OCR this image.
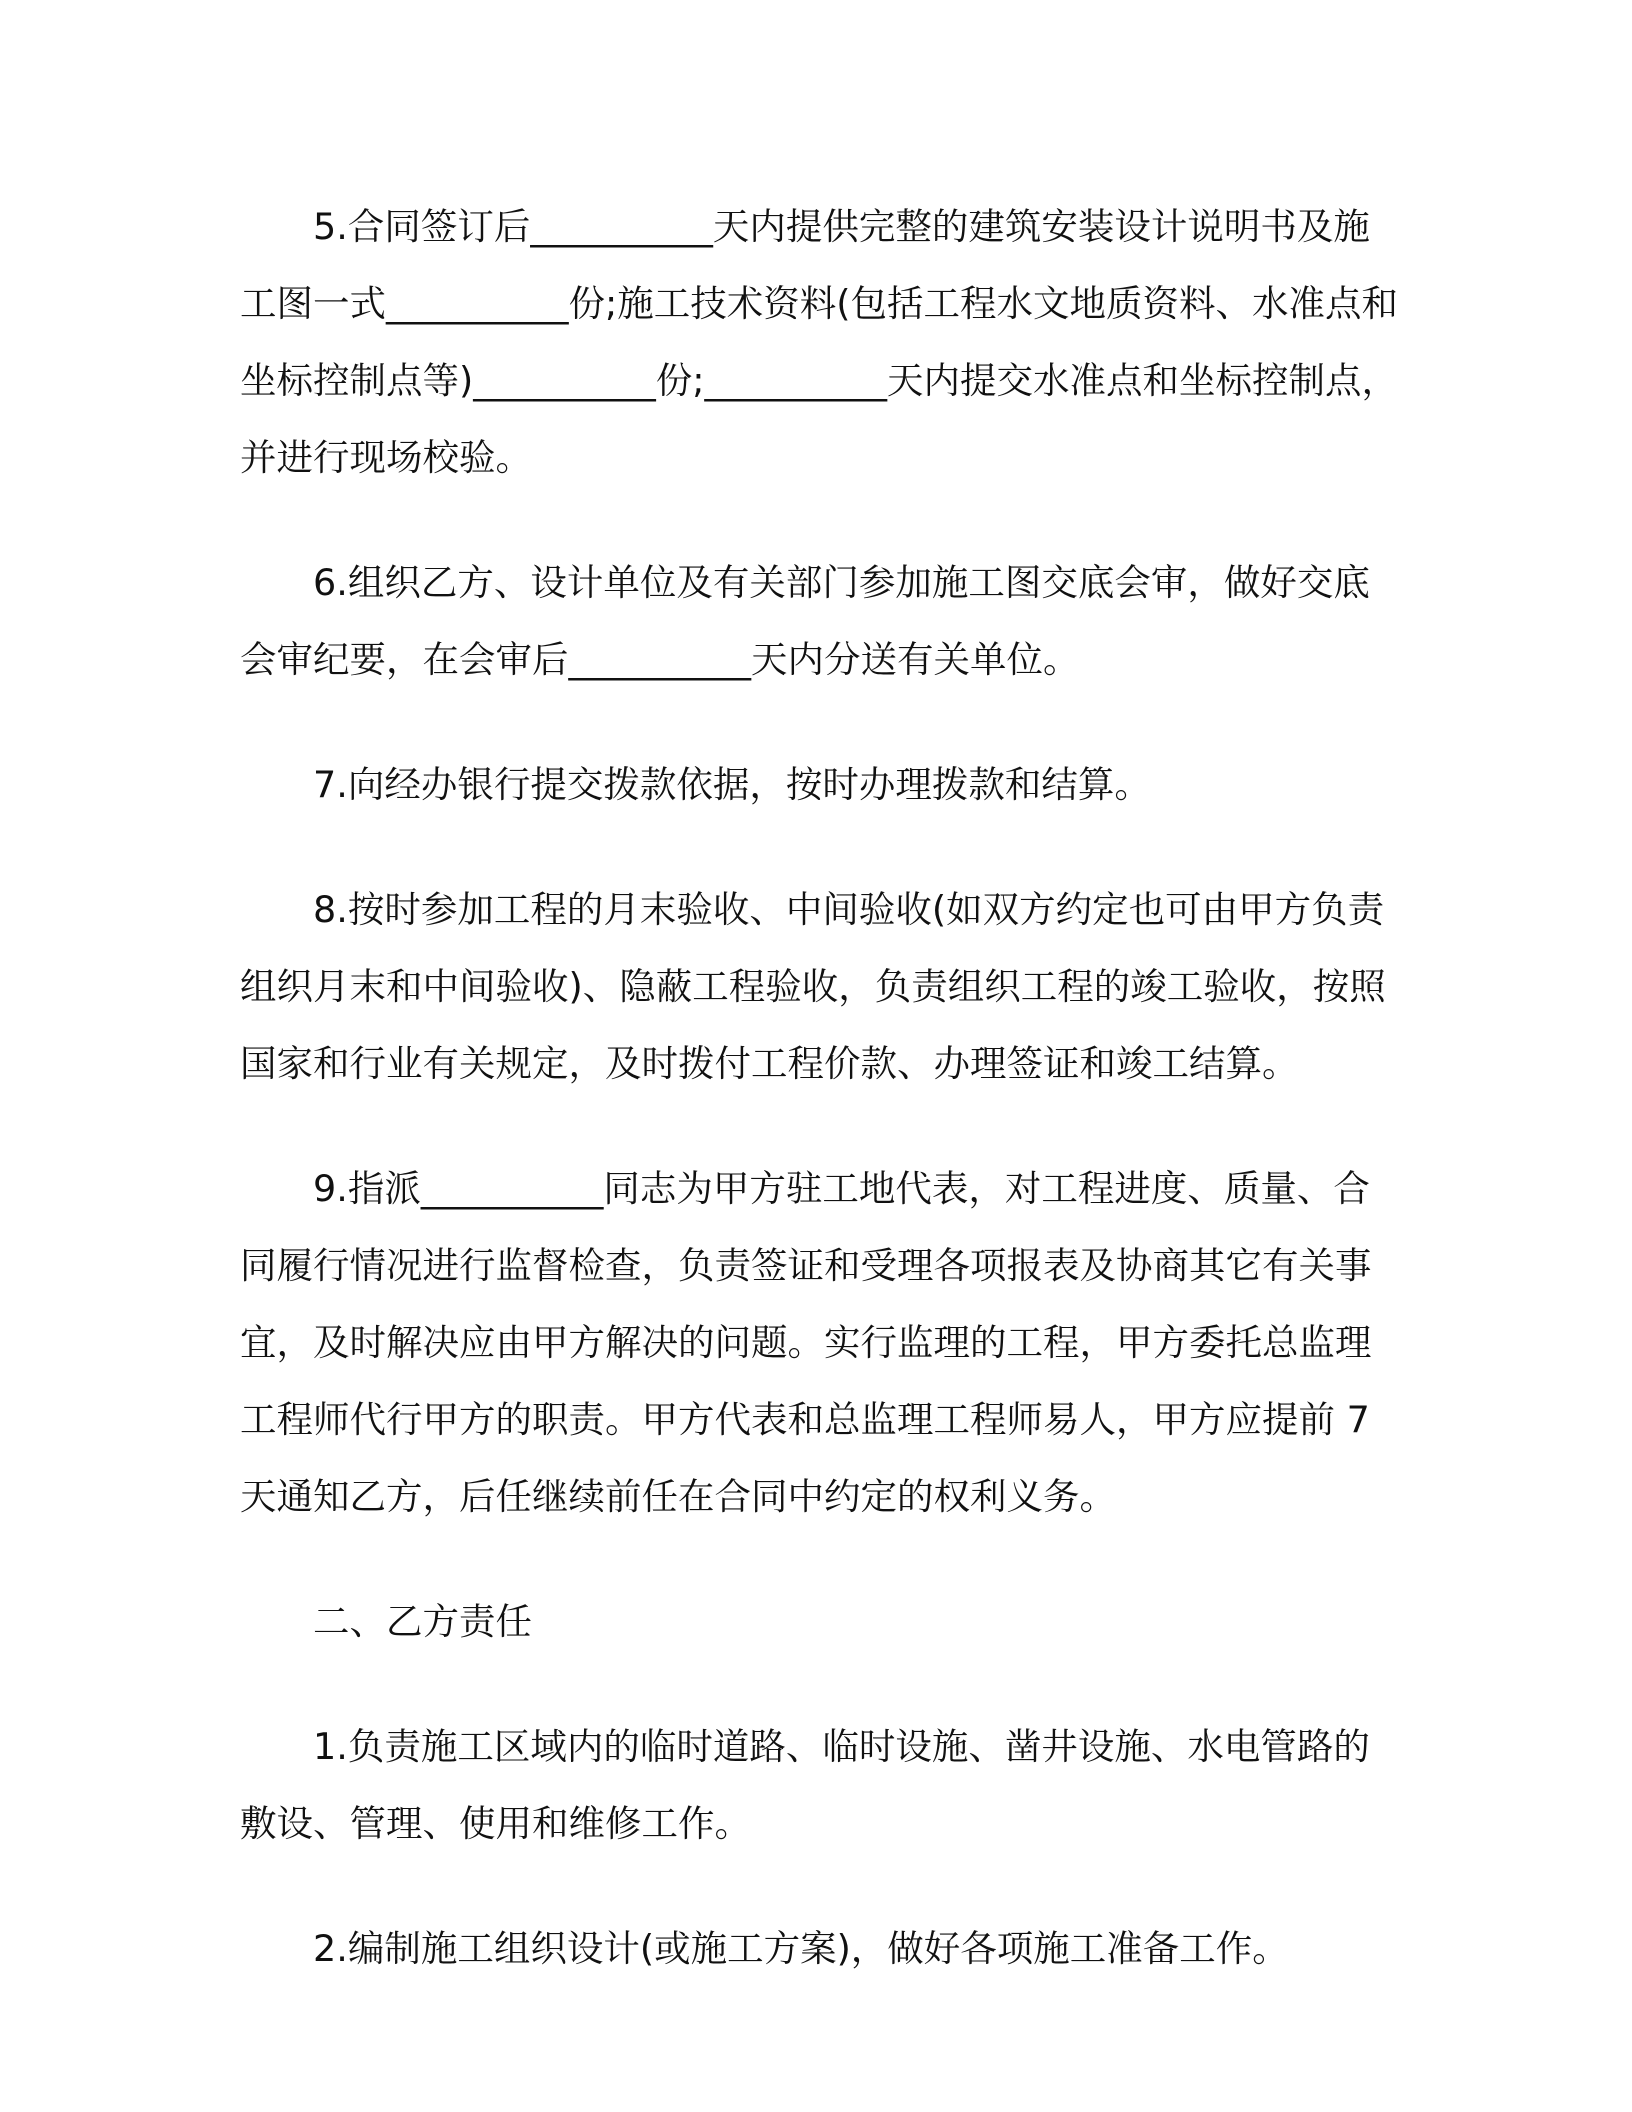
5.合同签订后__________天内提供完整的建筑安装设计说明书及施工图一式__________份;施工技术资料(包括工程水文地质资料、水准点和坐标控制点等)__________份;__________天内提交水准点和坐标控制点，并进行现场校验。

6.组织乙方、设计单位及有关部门参加施工图交底会审，做好交底会审纪要，在会审后__________天内分送有关单位。

7.向经办银行提交拨款依据，按时办理拨款和结算。

8.按时参加工程的月末验收、中间验收(如双方约定也可由甲方负责组织月末和中间验收)、隐蔽工程验收，负责组织工程的竣工验收，按照国家和行业有关规定，及时拨付工程价款、办理签证和竣工结算。

9.指派__________同志为甲方驻工地代表，对工程进度、质量、合同履行情况进行监督检查，负责签证和受理各项报表及协商其它有关事宜，及时解决应由甲方解决的问题。实行监理的工程，甲方委托总监理工程师代行甲方的职责。甲方代表和总监理工程师易人，甲方应提前 7 天通知乙方，后任继续前任在合同中约定的权利义务。

二、乙方责任

1.负责施工区域内的临时道路、临时设施、凿井设施、水电管路的敷设、管理、使用和维修工作。

2.编制施工组织设计(或施工方案)，做好各项施工准备工作。
